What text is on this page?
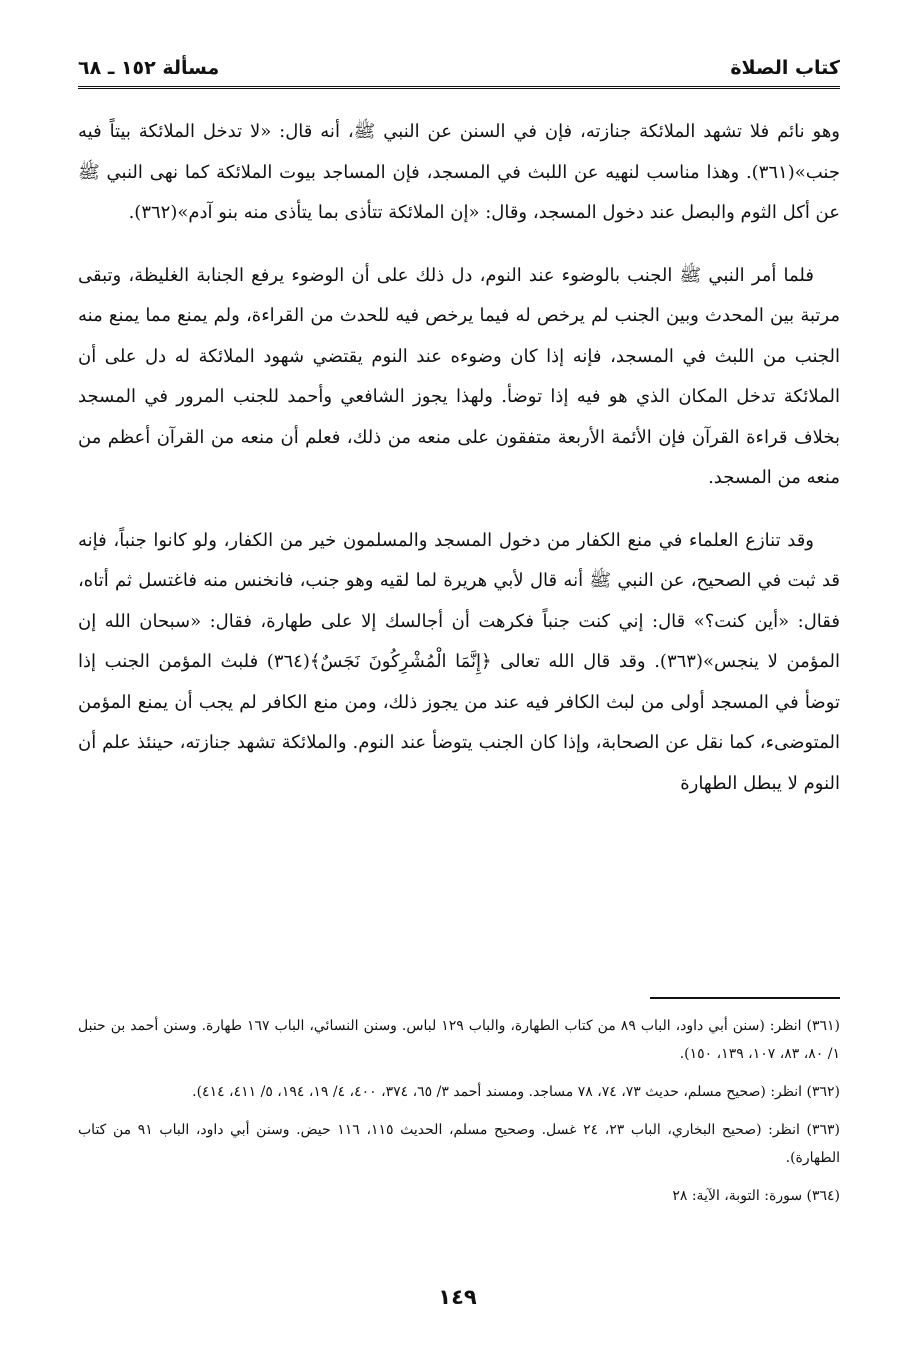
كتاب الصلاة
مسألة ١٥٢ ـ ٦٨

وهو نائم فلا تشهد الملائكة جنازته، فإن في السنن عن النبي ﷺ، أنه قال: «لا تدخل الملائكة بيتاً فيه جنب»(٣٦١). وهذا مناسب لنهيه عن اللبث في المسجد، فإن المساجد بيوت الملائكة كما نهى النبي ﷺ عن أكل الثوم والبصل عند دخول المسجد، وقال: «إن الملائكة تتأذى بما يتأذى منه بنو آدم»(٣٦٢).

فلما أمر النبي ﷺ الجنب بالوضوء عند النوم، دل ذلك على أن الوضوء يرفع الجنابة الغليظة، وتبقى مرتبة بين المحدث وبين الجنب لم يرخص له فيما يرخص فيه للحدث من القراءة، ولم يمنع مما يمنع منه الجنب من اللبث في المسجد، فإنه إذا كان وضوءه عند النوم يقتضي شهود الملائكة له دل على أن الملائكة تدخل المكان الذي هو فيه إذا توضأ. ولهذا يجوز الشافعي وأحمد للجنب المرور في المسجد بخلاف قراءة القرآن فإن الأئمة الأربعة متفقون على منعه من ذلك، فعلم أن منعه من القرآن أعظم من منعه من المسجد.

وقد تنازع العلماء في منع الكفار من دخول المسجد والمسلمون خير من الكفار، ولو كانوا جنباً، فإنه قد ثبت في الصحيح، عن النبي ﷺ أنه قال لأبي هريرة لما لقيه وهو جنب، فانخنس منه فاغتسل ثم أتاه، فقال: «أين كنت؟» قال: إني كنت جنباً فكرهت أن أجالسك إلا على طهارة، فقال: «سبحان الله إن المؤمن لا ينجس»(٣٦٣). وقد قال الله تعالى ﴿إِنَّمَا الْمُشْرِكُونَ نَجَسٌ﴾(٣٦٤) فلبث المؤمن الجنب إذا توضأ في المسجد أولى من لبث الكافر فيه عند من يجوز ذلك، ومن منع الكافر لم يجب أن يمنع المؤمن المتوضىء، كما نقل عن الصحابة، وإذا كان الجنب يتوضأ عند النوم. والملائكة تشهد جنازته، حينئذ علم أن النوم لا يبطل الطهارة

(٣٦١) انظر: (سنن أبي داود، الباب ٨٩ من كتاب الطهارة، والباب ١٢٩ لباس. وسنن النسائي، الباب ١٦٧ طهارة. وسنن أحمد بن حنبل ١/ ٨٠، ٨٣، ١٠٧، ١٣٩، ١٥٠).

(٣٦٢) انظر: (صحيح مسلم، حديث ٧٣، ٧٤، ٧٨ مساجد. ومسند أحمد ٣/ ٦٥، ٣٧٤، ٤٠٠، ٤/ ١٩، ١٩٤، ٥/ ٤١١، ٤١٤).

(٣٦٣) انظر: (صحيح البخاري، الباب ٢٣، ٢٤ غسل. وصحيح مسلم، الحديث ١١٥، ١١٦ حيض. وسنن أبي داود، الباب ٩١ من كتاب الطهارة).

(٣٦٤) سورة: التوبة، الآية: ٢٨

١٤٩
